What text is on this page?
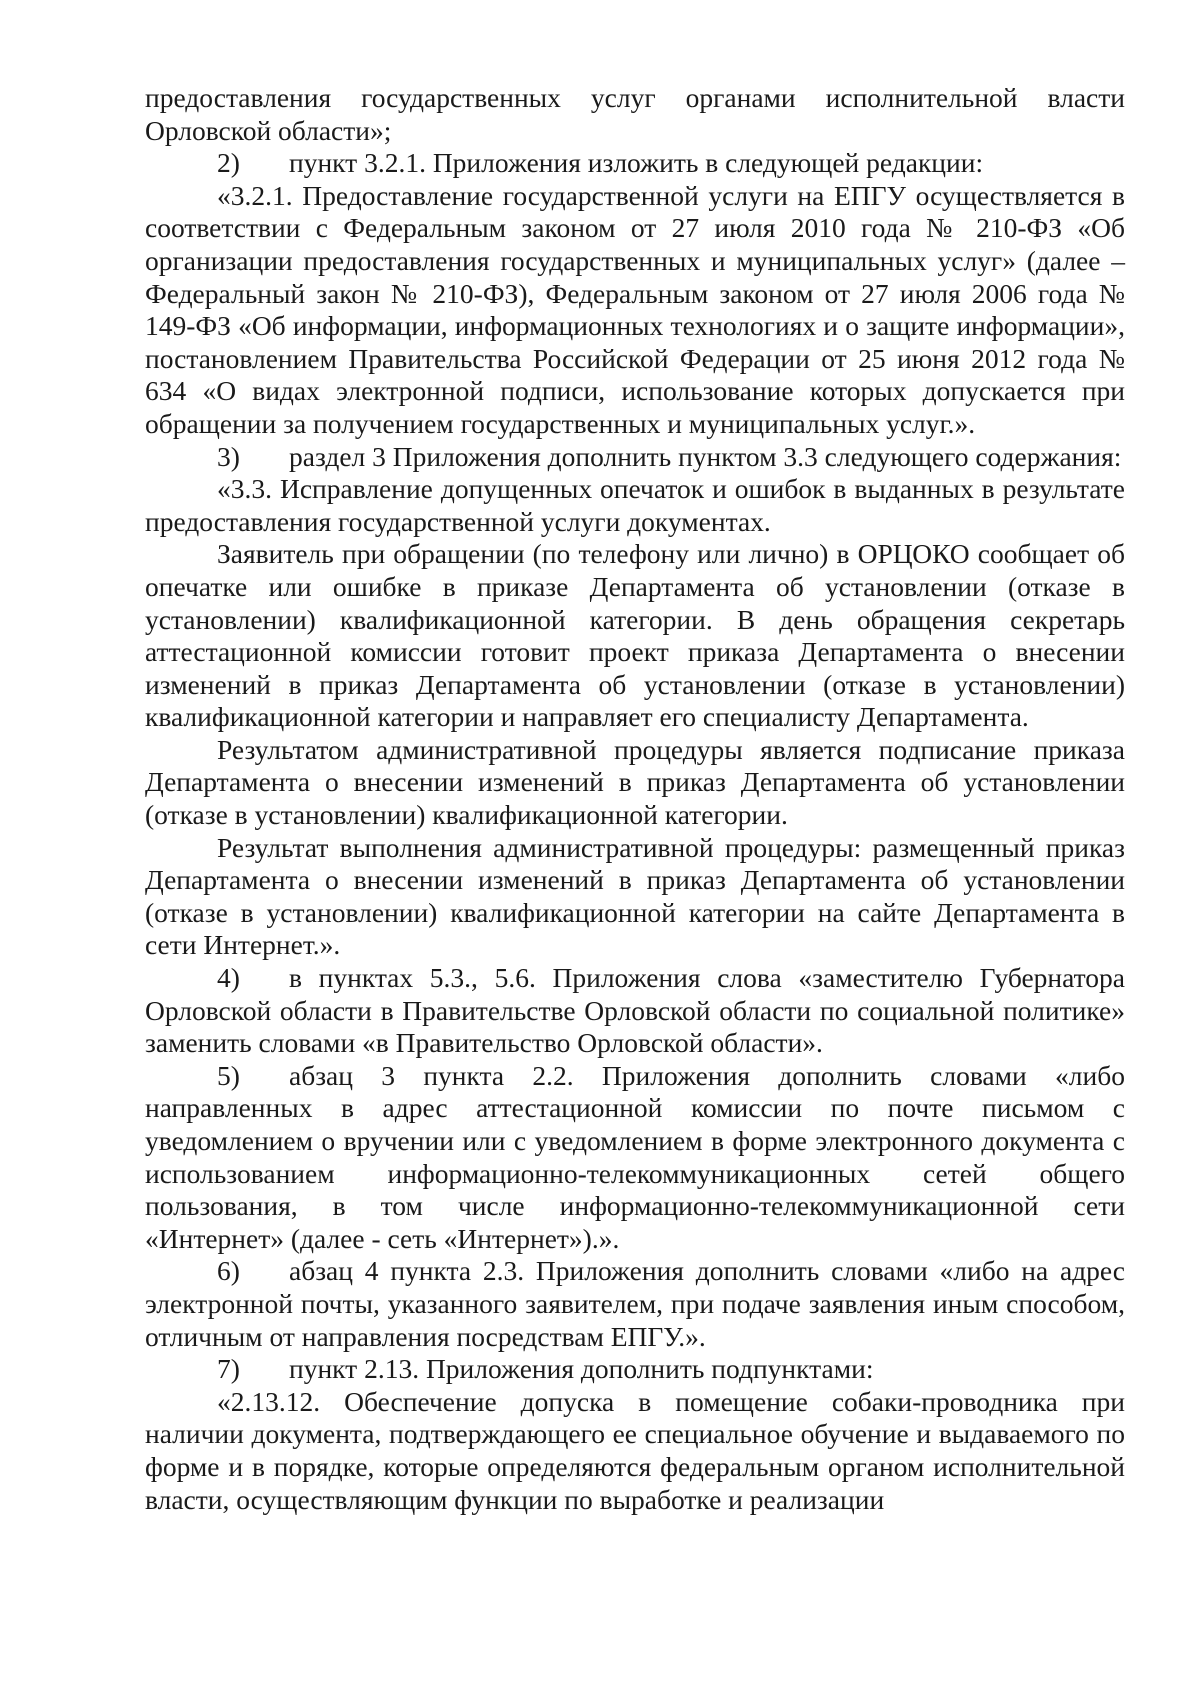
предоставления государственных услуг органами исполнительной власти Орловской области»;

2) пункт 3.2.1. Приложения изложить в следующей редакции:

«3.2.1. Предоставление государственной услуги на ЕПГУ осуществляется в соответствии с Федеральным законом от 27 июля 2010 года № 210-ФЗ «Об организации предоставления государственных и муниципальных услуг» (далее – Федеральный закон № 210-ФЗ), Федеральным законом от 27 июля 2006 года № 149-ФЗ «Об информации, информационных технологиях и о защите информации», постановлением Правительства Российской Федерации от 25 июня 2012 года № 634 «О видах электронной подписи, использование которых допускается при обращении за получением государственных и муниципальных услуг.».

3) раздел 3 Приложения дополнить пунктом 3.3 следующего содержания:

«3.3. Исправление допущенных опечаток и ошибок в выданных в результате предоставления государственной услуги документах.

Заявитель при обращении (по телефону или лично) в ОРЦОКО сообщает об опечатке или ошибке в приказе Департамента об установлении (отказе в установлении) квалификационной категории. В день обращения секретарь аттестационной комиссии готовит проект приказа Департамента о внесении изменений в приказ Департамента об установлении (отказе в установлении) квалификационной категории и направляет его специалисту Департамента.

Результатом административной процедуры является подписание приказа Департамента о внесении изменений в приказ Департамента об установлении (отказе в установлении) квалификационной категории.

Результат выполнения административной процедуры: размещенный приказ Департамента о внесении изменений в приказ Департамента об установлении (отказе в установлении) квалификационной категории на сайте Департамента в сети Интернет.».

4) в пунктах 5.3., 5.6. Приложения слова «заместителю Губернатора Орловской области в Правительстве Орловской области по социальной политике» заменить словами «в Правительство Орловской области».

5) абзац 3 пункта 2.2. Приложения дополнить словами «либо направленных в адрес аттестационной комиссии по почте письмом с уведомлением о вручении или с уведомлением в форме электронного документа с использованием информационно-телекоммуникационных сетей общего пользования, в том числе информационно-телекоммуникационной сети «Интернет» (далее - сеть «Интернет»).».

6) абзац 4 пункта 2.3. Приложения дополнить словами «либо на адрес электронной почты, указанного заявителем, при подаче заявления иным способом, отличным от направления посредствам ЕПГУ.».

7) пункт 2.13. Приложения дополнить подпунктами:

«2.13.12. Обеспечение допуска в помещение собаки-проводника при наличии документа, подтверждающего ее специальное обучение и выдаваемого по форме и в порядке, которые определяются федеральным органом исполнительной власти, осуществляющим функции по выработке и реализации
